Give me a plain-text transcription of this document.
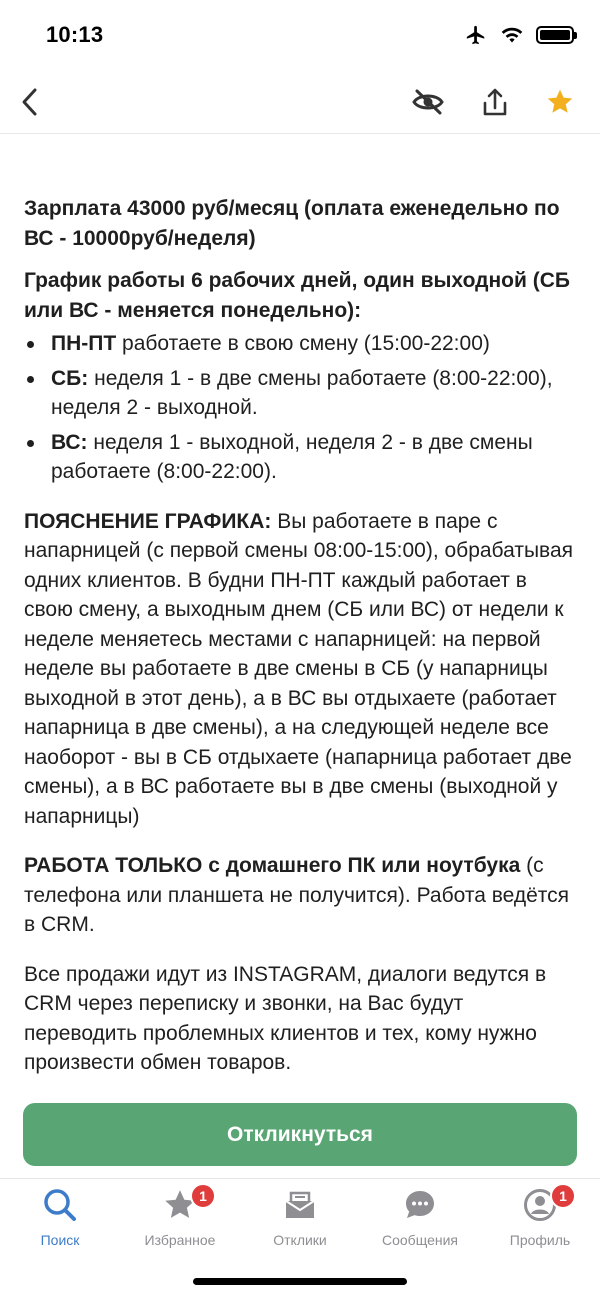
10:13

Зарплата 43000 руб/месяц (оплата еженедельно по ВС - 10000руб/неделя)

График работы 6 рабочих дней, один выходной (СБ или ВС - меняется понедельно):

ПН-ПТ работаете в свою смену (15:00-22:00)
СБ: неделя 1 - в две смены работаете (8:00-22:00), неделя 2 - выходной.
ВС: неделя 1 - выходной, неделя 2 - в две смены работаете (8:00-22:00).

ПОЯСНЕНИЕ ГРАФИКА: Вы работаете в паре с напарницей (с первой смены 08:00-15:00), обрабатывая одних клиентов. В будни ПН-ПТ каждый работает в свою смену, а выходным днем (СБ или ВС) от недели к неделе меняетесь местами с напарницей: на первой неделе вы работаете в две смены в СБ (у напарницы выходной в этот день), а в ВС вы отдыхаете (работает напарница в две смены), а на следующей неделе все наоборот - вы в СБ отдыхаете (напарница работает две смены), а в ВС работаете вы в две смены (выходной у напарницы)

РАБОТА ТОЛЬКО с домашнего ПК или ноутбука (с телефона или планшета не получится). Работа ведётся в CRM.

Все продажи идут из INSTAGRAM, диалоги ведутся в CRM через переписку и звонки, на Вас будут переводить проблемных клиентов и тех, кому нужно произвести обмен товаров.

Откликнуться
Поиск
1
Избранное	Отклики	Сообщения
1
Профиль
